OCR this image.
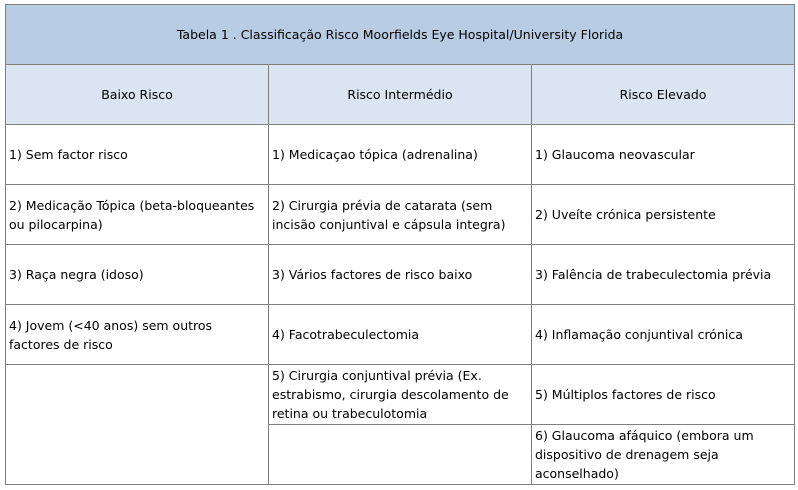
Tabela 1 . Classificação Risco Moorfields Eye Hospital/University Florida		
Baixo Risco	Risco Intermédio	Risco Elevado
1) Sem factor risco	1) Medicaçao tópica (adrenalina)	1) Glaucoma neovascular
2) Medicação Tópica (beta-bloqueantes ou pilocarpina)	2) Cirurgia prévia de catarata (sem incisão conjuntival e cápsula integra)	2) Uveíte crónica persistente
3) Raça negra (idoso)	3) Vários factores de risco baixo	3) Falência de trabeculectomia prévia
4) Jovem (<40 anos) sem outros factores de risco	4) Facotrabeculectomia	4) Inflamação conjuntival crónica
	5) Cirurgia conjuntival prévia (Ex. estrabismo, cirurgia descolamento de retina ou trabeculotomia	5) Múltiplos factores de risco
		6) Glaucoma afáquico (embora um dispositivo de drenagem seja aconselhado)
